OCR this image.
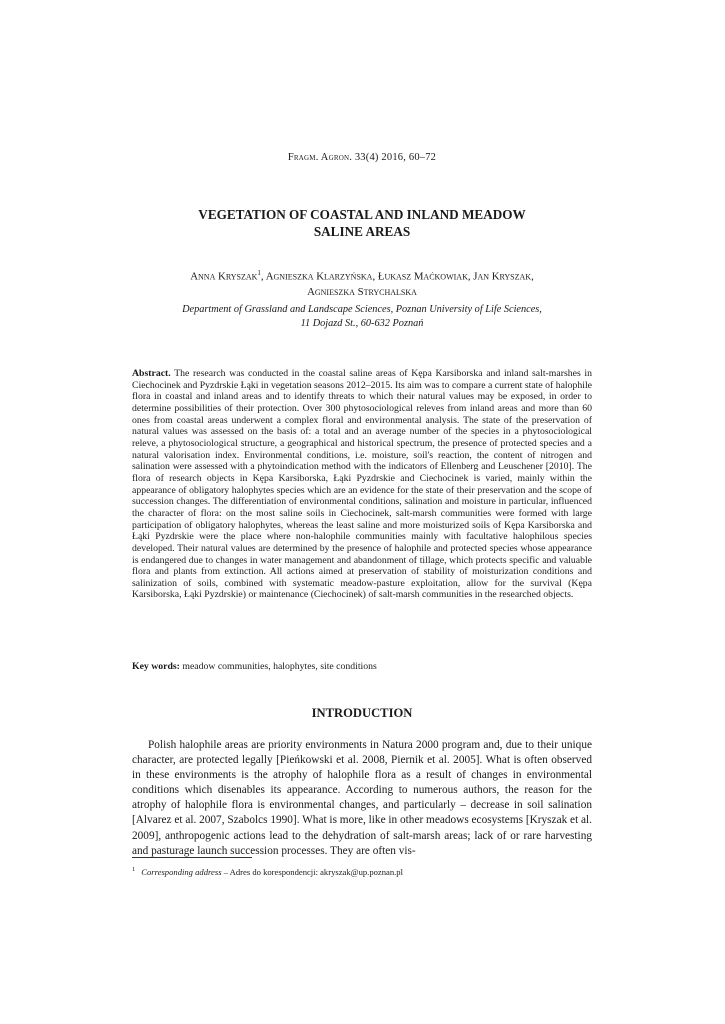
Fragm. Agron. 33(4) 2016, 60–72
VEGETATION OF COASTAL AND INLAND MEADOW
SALINE AREAS
Anna Kryszak$^1$, Agnieszka Klarzyńska, Łukasz Maćkowiak, Jan Kryszak,
Agnieszka Strychalska
Department of Grassland and Landscape Sciences, Poznan University of Life Sciences,
11 Dojazd St., 60-632 Poznań
Abstract. The research was conducted in the coastal saline areas of Kępa Karsiborska and inland salt-marshes in Ciechocinek and Pyzdrskie Łąki in vegetation seasons 2012–2015. Its aim was to compare a current state of halophile flora in coastal and inland areas and to identify threats to which their natural values may be exposed, in order to determine possibilities of their protection. Over 300 phytosociological releves from inland areas and more than 60 ones from coastal areas underwent a complex floral and environmental analysis. The state of the preservation of natural values was assessed on the basis of: a total and an average number of the species in a phytosociological releve, a phytosociological structure, a geographical and historical spectrum, the presence of protected species and a natural valorisation index. Environmental conditions, i.e. moisture, soil's reaction, the content of nitrogen and salination were assessed with a phytoindication method with the indicators of Ellenberg and Leuschener [2010]. The flora of research objects in Kępa Karsiborska, Łąki Pyzdrskie and Ciechocinek is varied, mainly within the appearance of obligatory halophytes species which are an evidence for the state of their preservation and the scope of succession changes. The differentiation of environmental conditions, salination and moisture in particular, influenced the character of flora: on the most saline soils in Ciechocinek, salt-marsh communities were formed with large participation of obligatory halophytes, whereas the least saline and more moisturized soils of Kępa Karsiborska and Łąki Pyzdrskie were the place where non-halophile communities mainly with facultative halophilous species developed. Their natural values are determined by the presence of halophile and protected species whose appearance is endangered due to changes in water management and abandonment of tillage, which protects specific and valuable flora and plants from extinction. All actions aimed at preservation of stability of moisturization conditions and salinization of soils, combined with systematic meadow-pasture exploitation, allow for the survival (Kępa Karsiborska, Łąki Pyzdrskie) or maintenance (Ciechocinek) of salt-marsh communities in the researched objects.
Key words: meadow communities, halophytes, site conditions
INTRODUCTION
Polish halophile areas are priority environments in Natura 2000 program and, due to their unique character, are protected legally [Pieńkowski et al. 2008, Piernik et al. 2005]. What is often observed in these environments is the atrophy of halophile flora as a result of changes in environmental conditions which disenables its appearance. According to numerous authors, the reason for the atrophy of halophile flora is environmental changes, and particularly – decrease in soil salination [Alvarez et al. 2007, Szabolcs 1990]. What is more, like in other meadows ecosystems [Kryszak et al. 2009], anthropogenic actions lead to the dehydration of salt-marsh areas; lack of or rare harvesting and pasturage launch succession processes. They are often vis-
$^1$ Corresponding address – Adres do korespondencji: akryszak@up.poznan.pl
